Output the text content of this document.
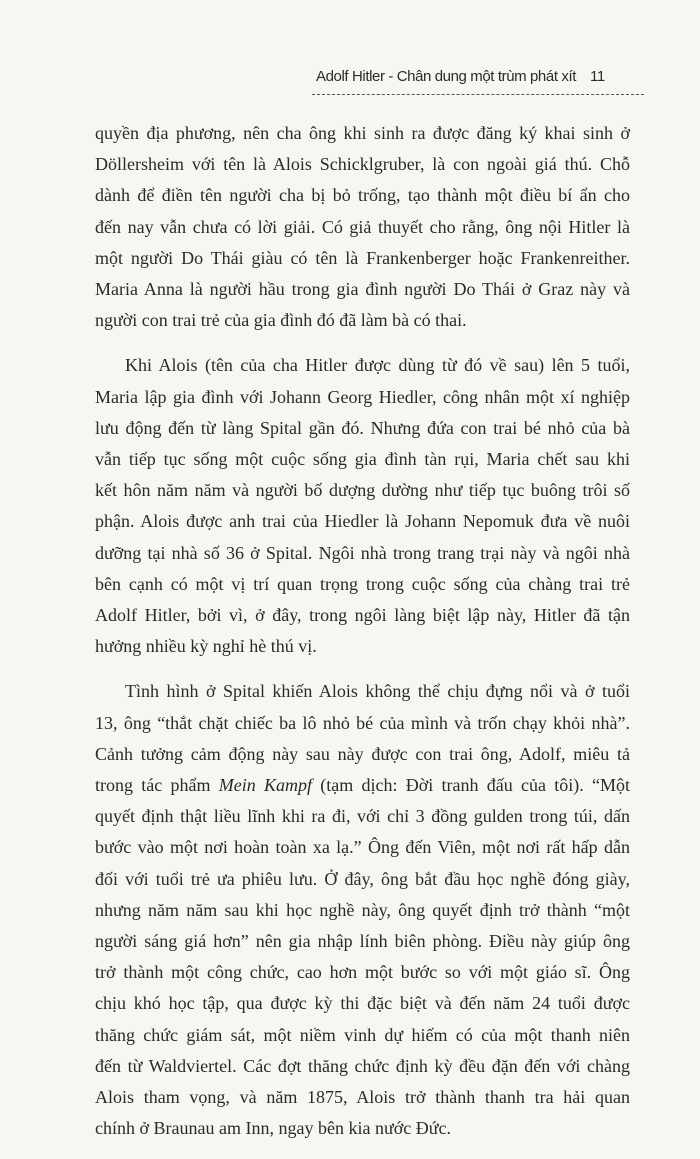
Adolf Hitler - Chân dung một trùm phát xít 11
quyền địa phương, nên cha ông khi sinh ra được đăng ký khai sinh ở
Döllersheim với tên là Alois Schicklgruber, là con ngoài giá thú. Chỗ
dành để điền tên người cha bị bỏ trống, tạo thành một điều bí ẩn cho
đến nay vẫn chưa có lời giải. Có giả thuyết cho rằng, ông nội Hitler là
một người Do Thái giàu có tên là Frankenberger hoặc Frankenreither.
Maria Anna là người hầu trong gia đình người Do Thái ở Graz này và
người con trai trẻ của gia đình đó đã làm bà có thai.
Khi Alois (tên của cha Hitler được dùng từ đó về sau) lên 5 tuổi,
Maria lập gia đình với Johann Georg Hiedler, công nhân một xí nghiệp
lưu động đến từ làng Spital gần đó. Nhưng đứa con trai bé nhỏ của bà
vẫn tiếp tục sống một cuộc sống gia đình tàn rụi, Maria chết sau khi
kết hôn năm năm và người bố dượng dường như tiếp tục buông trôi số
phận. Alois được anh trai của Hiedler là Johann Nepomuk đưa về nuôi
dưỡng tại nhà số 36 ở Spital. Ngôi nhà trong trang trại này và ngôi nhà
bên cạnh có một vị trí quan trọng trong cuộc sống của chàng trai trẻ
Adolf Hitler, bởi vì, ở đây, trong ngôi làng biệt lập này, Hitler đã tận
hưởng nhiều kỳ nghỉ hè thú vị.
Tình hình ở Spital khiến Alois không thể chịu đựng nổi và ở tuổi
13, ông “thắt chặt chiếc ba lô nhỏ bé của mình và trốn chạy khỏi nhà”.
Cảnh tưởng cảm động này sau này được con trai ông, Adolf, miêu tả
trong tác phẩm Mein Kampf (tạm dịch: Đời tranh đấu của tôi). “Một
quyết định thật liều lĩnh khi ra đi, với chỉ 3 đồng gulden trong túi, dấn
bước vào một nơi hoàn toàn xa lạ.” Ông đến Viên, một nơi rất hấp dẫn
đối với tuổi trẻ ưa phiêu lưu. Ở đây, ông bắt đầu học nghề đóng giày,
nhưng năm năm sau khi học nghề này, ông quyết định trở thành “một
người sáng giá hơn” nên gia nhập lính biên phòng. Điều này giúp ông
trở thành một công chức, cao hơn một bước so với một giáo sĩ. Ông
chịu khó học tập, qua được kỳ thi đặc biệt và đến năm 24 tuổi được
thăng chức giám sát, một niềm vinh dự hiếm có của một thanh niên
đến từ Waldviertel. Các đợt thăng chức định kỳ đều đặn đến với chàng
Alois tham vọng, và năm 1875, Alois trở thành thanh tra hải quan
chính ở Braunau am Inn, ngay bên kia nước Đức.
